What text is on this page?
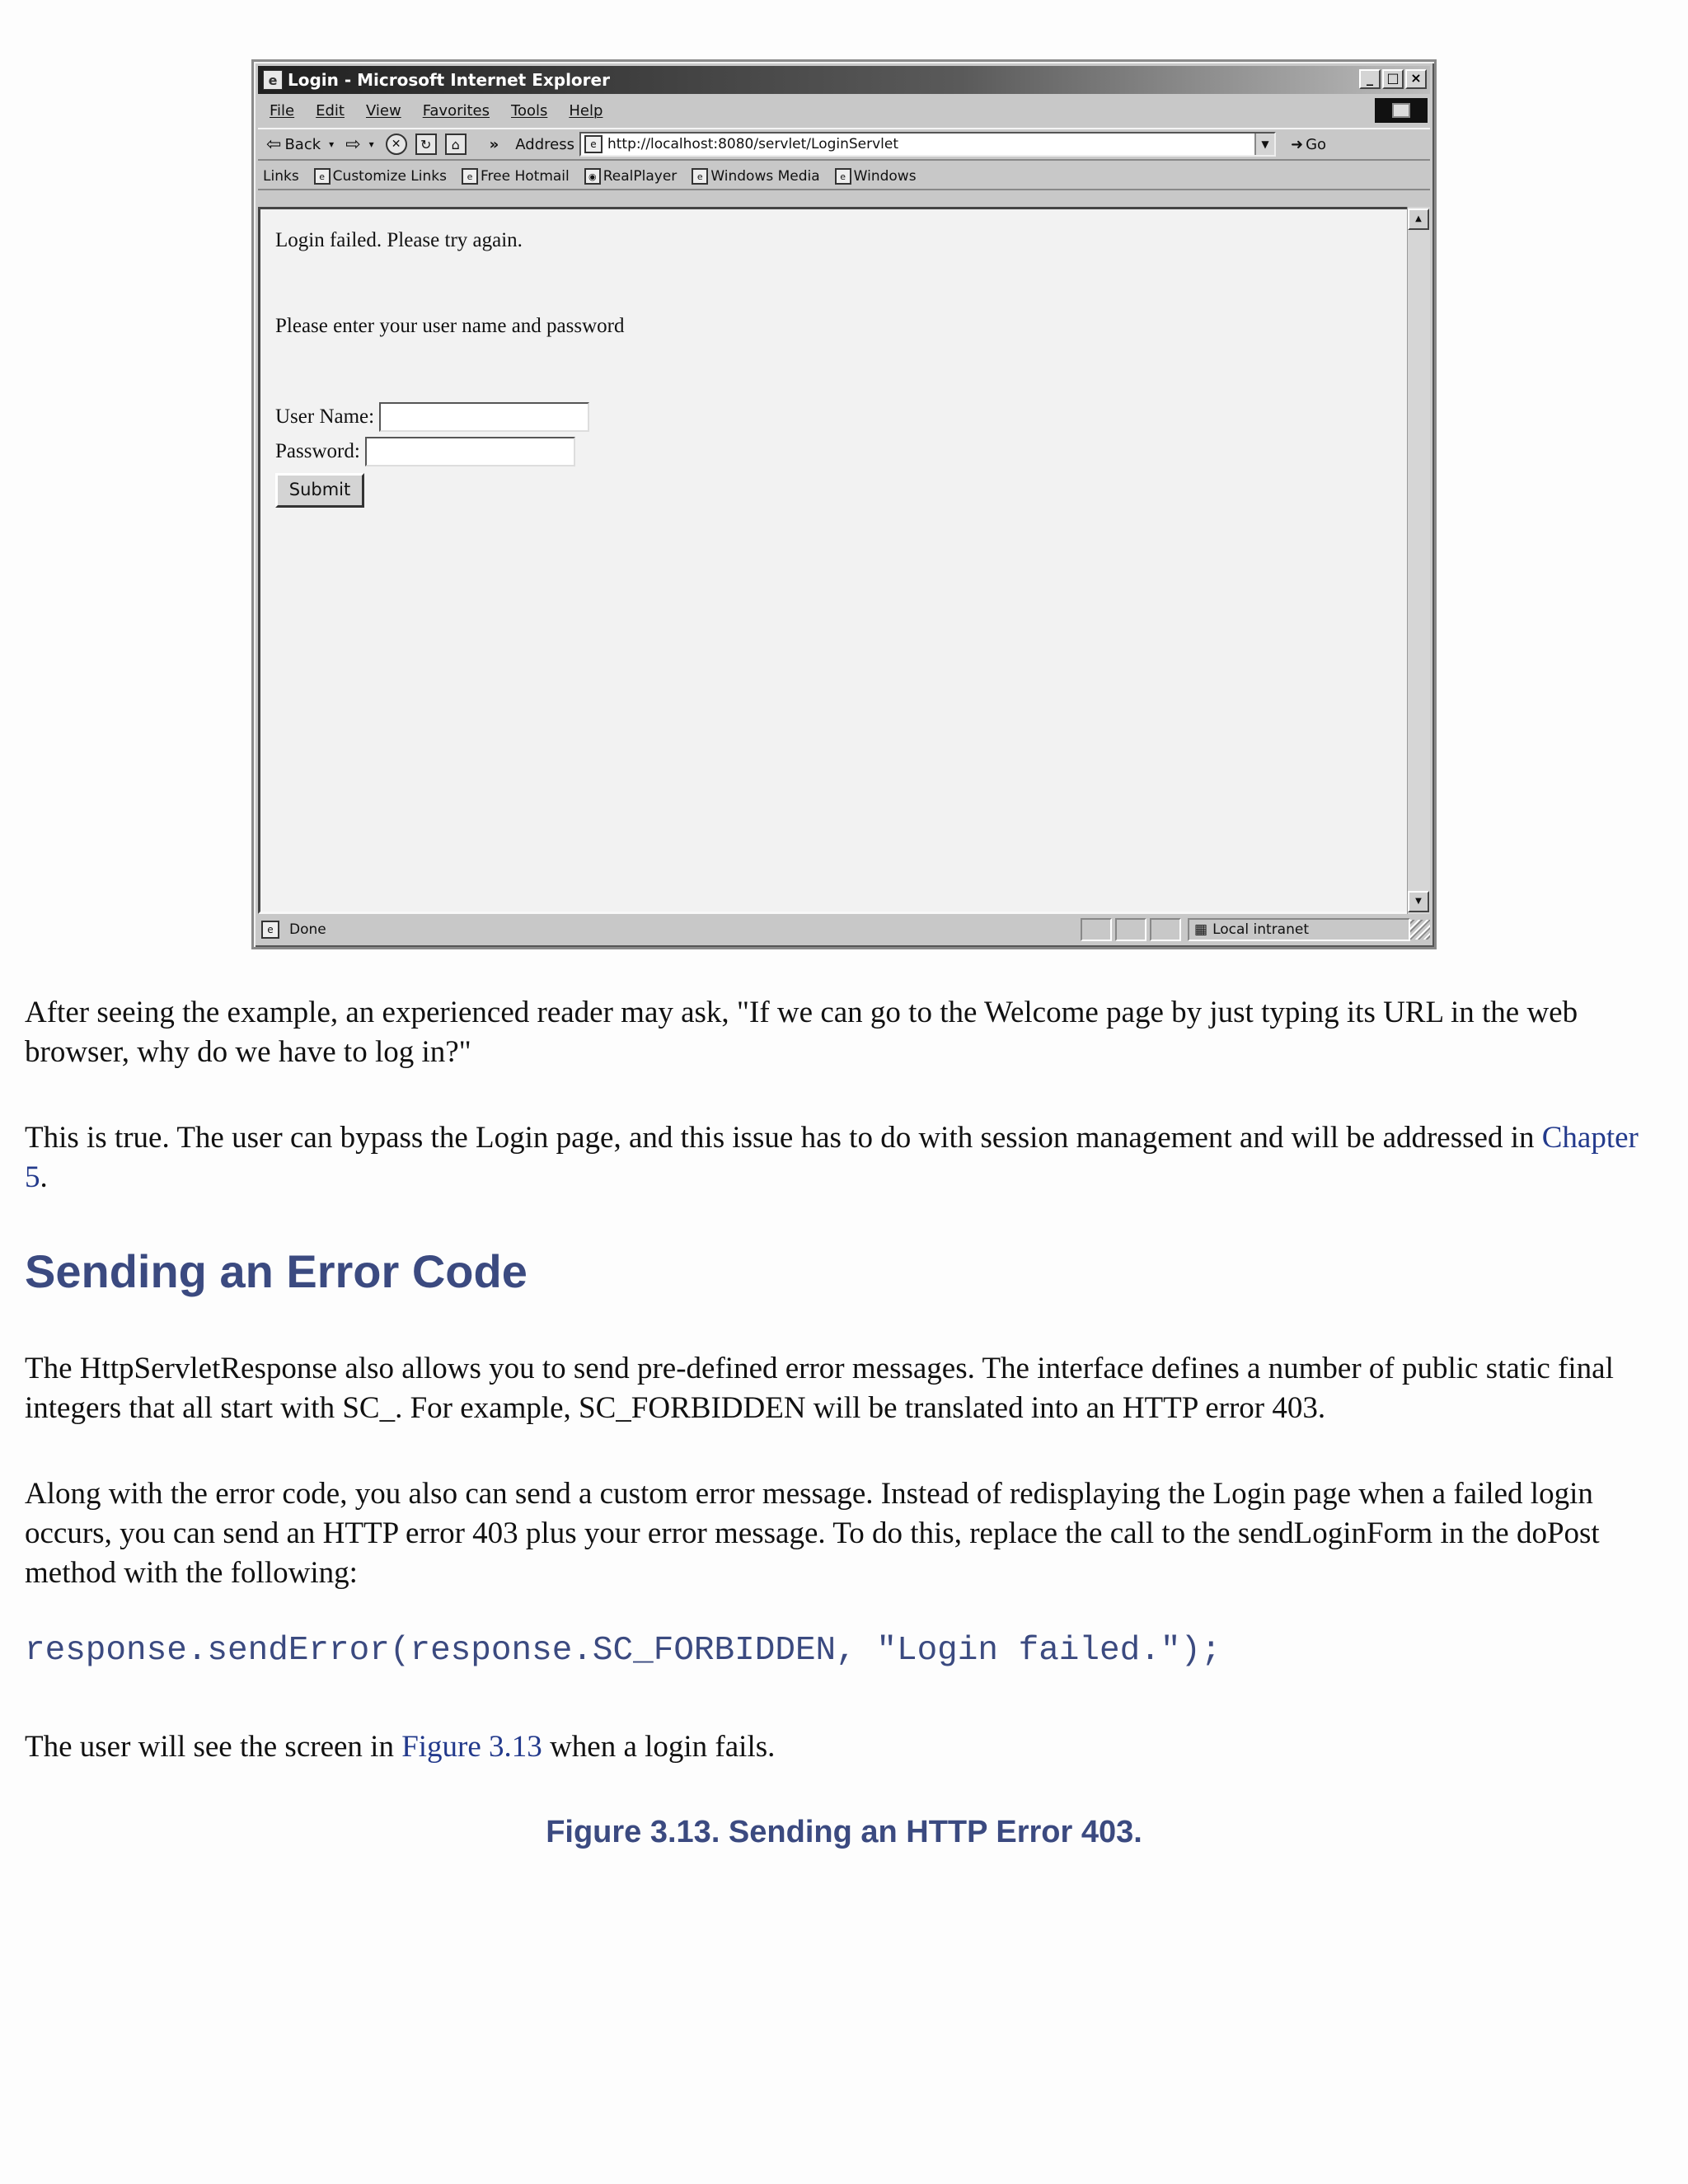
e Login - Microsoft Internet Explorer	_	□ ×
File Edit View Favorites Tools Help
⇦ Back ▾ ⇨ ▾	✕	↻	⌂	» Address	e http://localhost:8080/servlet/LoginServlet	▼	➜ Go
Links	e Customize Links	e Free Hotmail	◉ RealPlayer	e Windows Media	e Windows
Login failed. Please try again.
Please enter your user name and password
User Name:
Password:
Submit
▲
▼
e	Done	▦ Local intranet

After seeing the example, an experienced reader may ask, "If we can go to the Welcome page by just typing its URL in the web browser, why do we have to log in?"

This is true. The user can bypass the Login page, and this issue has to do with session management and will be addressed in Chapter 5.

Sending an Error Code

The HttpServletResponse also allows you to send pre-defined error messages. The interface defines a number of public static final integers that all start with SC_. For example, SC_FORBIDDEN will be translated into an HTTP error 403.

Along with the error code, you also can send a custom error message. Instead of redisplaying the Login page when a failed login occurs, you can send an HTTP error 403 plus your error message. To do this, replace the call to the sendLoginForm in the doPost method with the following:

response.sendError(response.SC_FORBIDDEN, "Login failed.");

The user will see the screen in Figure 3.13 when a login fails.

Figure 3.13. Sending an HTTP Error 403.
